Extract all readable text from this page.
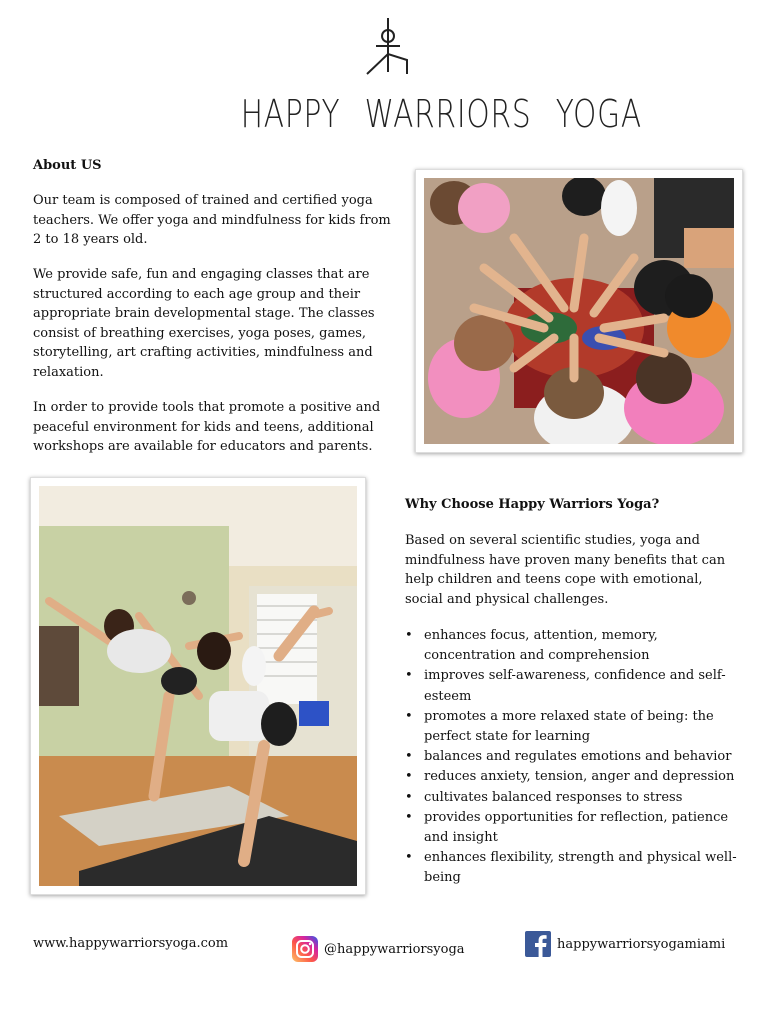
HAPPY WARRIORS YOGA
About US

Our team is composed of trained and certified yoga teachers. We offer yoga and mindfulness for kids from 2 to 18 years old.

We provide safe, fun and engaging classes that are structured according to each age group and their appropriate brain developmental stage. The classes consist of breathing exercises, yoga poses, games, storytelling, art crafting activities, mindfulness and relaxation.

In order to provide tools that promote a positive and peaceful environment for kids and teens, additional workshops are available for educators and parents.

Why Choose Happy Warriors Yoga?

Based on several scientific studies, yoga and mindfulness have proven many benefits that can help children and teens cope with emotional, social and physical challenges.

• enhances focus, attention, memory, concentration and comprehension
• improves self-awareness, confidence and self-esteem
• promotes a more relaxed state of being: the perfect state for learning
• balances and regulates emotions and behavior
• reduces anxiety, tension, anger and depression
• cultivates balanced responses to stress
• provides opportunities for reflection, patience and insight
• enhances flexibility, strength and physical well-being
www.happywarriorsyoga.com	@happywarriorsyoga	happywarriorsyogamiami
